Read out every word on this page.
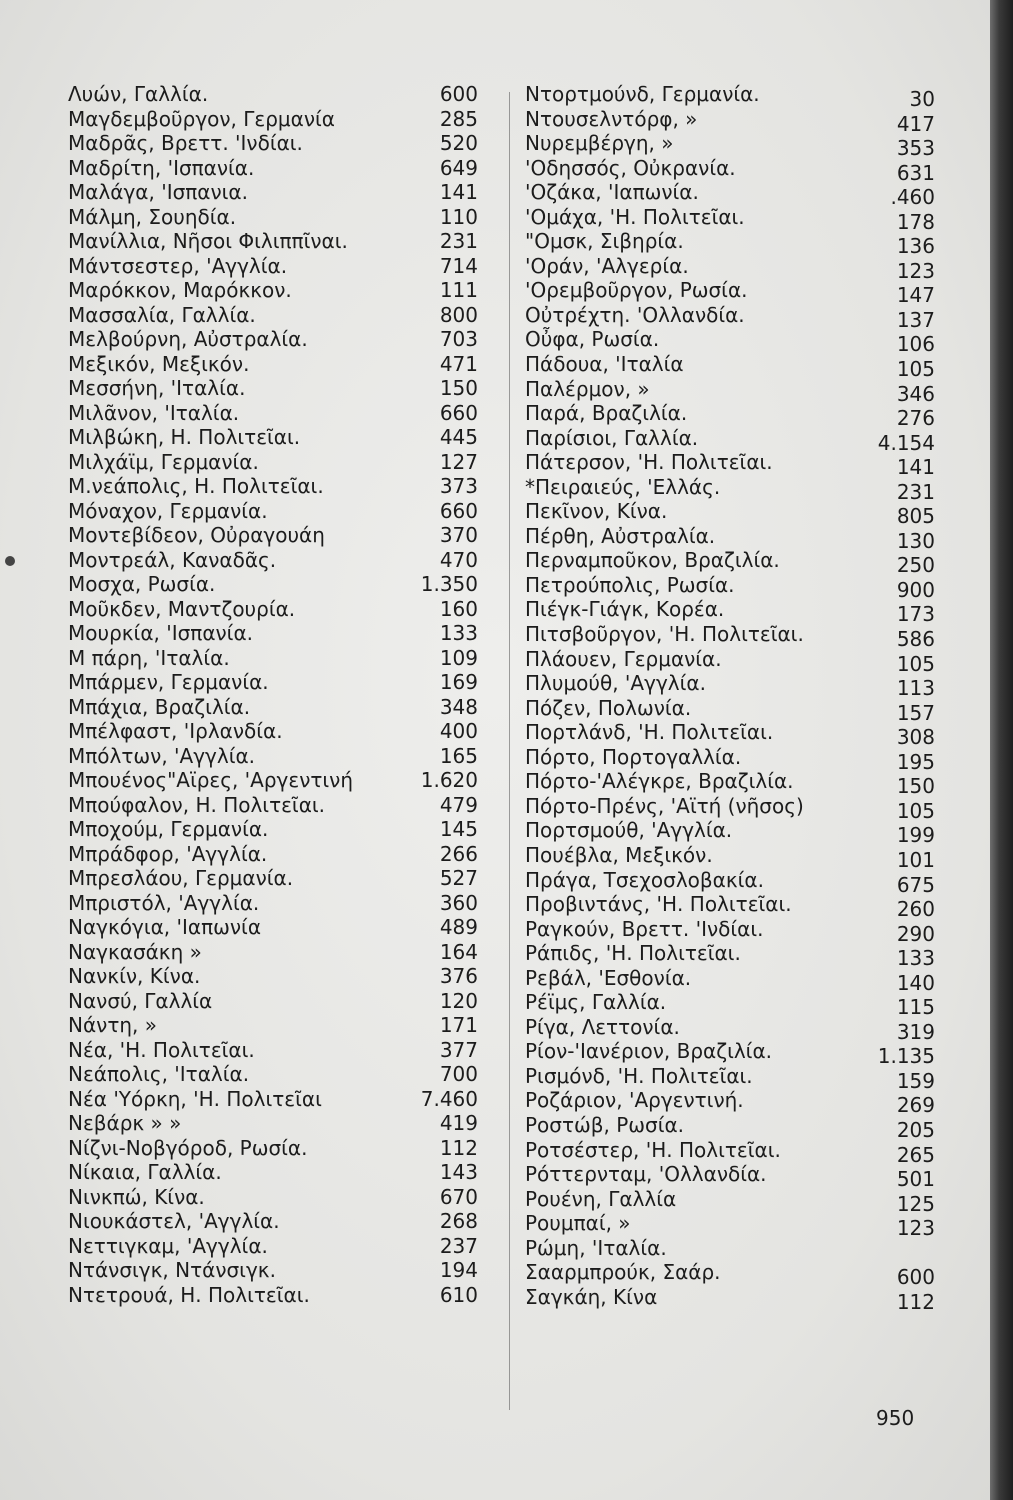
Λυών, Γαλλία.	600
Μαγδεμβοῦργον, Γερμανία	285
Μαδρᾶς, Βρεττ. 'Ινδίαι.	520
Μαδρίτη, 'Ισπανία.	649
Μαλάγα, 'Ισπανια.	141
Μάλμη, Σουηδία.	110
Μανίλλια, Νῆσοι Φιλιππῖναι.	231
Μάντσεστερ, 'Αγγλία.	714
Μαρόκκον, Μαρόκκον.	111
Μασσαλία, Γαλλία.	800
Μελβούρνη, Αὐστραλία.	703
Μεξικόν, Μεξικόν.	471
Μεσσήνη, 'Ιταλία.	150
Μιλᾶνον, 'Ιταλία.	660
Μιλβώκη, Η. Πολιτεῖαι.	445
Μιλχάϊμ, Γερμανία.	127
Μ.νεάπολις, Η. Πολιτεῖαι.	373
Μόναχον, Γερμανία.	660
Μοντεβίδεον, Οὐραγουάη	370
Μοντρεάλ, Καναδᾶς.	470
Μοσχα, Ρωσία.	1.350
Μοῦκδεν, Μαντζουρία.	160
Μουρκία, 'Ισπανία.	133
Μ πάρη, 'Ιταλία.	109
Μπάρμεν, Γερμανία.	169
Μπάχια, Βραζιλία.	348
Μπέλφαστ, 'Ιρλανδία.	400
Μπόλτων, 'Αγγλία.	165
Μπουένος"Αϊρες, 'Αργεντινή	1.620
Μπούφαλον, Η. Πολιτεῖαι.	479
Μποχούμ, Γερμανία.	145
Μπράδφορ, 'Αγγλία.	266
Μπρεσλάου, Γερμανία.	527
Μπριστόλ, 'Αγγλία.	360
Ναγκόγια, 'Ιαπωνία	489
Ναγκασάκη »	164
Νανκίν, Κίνα.	376
Νανσύ, Γαλλία	120
Νάντη, »	171
Νέα, 'Η. Πολιτεῖαι.	377
Νεάπολις, 'Ιταλία.	700
Νέα 'Υόρκη, 'Η. Πολιτεῖαι	7.460
Νεβάρκ » »	419
Νίζνι-Νοβγόροδ, Ρωσία.	112
Νίκαια, Γαλλία.	143
Νινκπώ, Κίνα.	670
Νιουκάστελ, 'Αγγλία.	268
Νεττιγκαμ, 'Αγγλία.	237
Ντάνσιγκ, Ντάνσιγκ.	194
Ντετρουά, Η. Πολιτεῖαι.	610
Ντορτμούνδ, Γερμανία.	30
Ντουσελντόρφ, »	417
Νυρεμβέργη, »	353
'Οδησσός, Οὐκρανία.	631
'Οζάκα, 'Ιαπωνία.	.460
'Ομάχα, 'Η. Πολιτεῖαι.	178
"Ομσκ, Σιβηρία.	136
'Οράν, 'Αλγερία.	123
'Ορεμβοῦργον, Ρωσία.	147
Οὐτρέχτη. 'Ολλανδία.	137
Οὖφα, Ρωσία.	106
Πάδουα, 'Ιταλία	105
Παλέρμον, »	346
Παρά, Βραζιλία.	276
Παρίσιοι, Γαλλία.	4.154
Πάτερσον, 'Η. Πολιτεῖαι.	141
*Πειραιεύς, 'Ελλάς.	231
Πεκῖνον, Κίνα.	805
Πέρθη, Αὐστραλία.	130
Περναμποῦκον, Βραζιλία.	250
Πετρούπολις, Ρωσία.	900
Πιέγκ-Γιάγκ, Κορέα.	173
Πιτσβοῦργον, 'Η. Πολιτεῖαι.	586
Πλάουεν, Γερμανία.	105
Πλυμούθ, 'Αγγλία.	113
Πόζεν, Πολωνία.	157
Πορτλάνδ, 'Η. Πολιτεῖαι.	308
Πόρτο, Πορτογαλλία.	195
Πόρτο-'Αλέγκρε, Βραζιλία.	150
Πόρτο-Πρένς, 'Αϊτή (νῆσος)	105
Πορτσμούθ, 'Αγγλία.	199
Πουέβλα, Μεξικόν.	101
Πράγα, Τσεχοσλοβακία.	675
Προβιντάνς, 'Η. Πολιτεῖαι.	260
Ραγκούν, Βρεττ. 'Ινδίαι.	290
Ράπιδς, 'Η. Πολιτεῖαι.	133
Ρεβάλ, 'Εσθονία.	140
Ρέϊμς, Γαλλία.	115
Ρίγα, Λεττονία.	319
Ρίον-'Ιανέριον, Βραζιλία.	1.135
Ρισμόνδ, 'Η. Πολιτεῖαι.	159
Ροζάριον, 'Αργεντινή.	269
Ροστώβ, Ρωσία.	205
Ροτσέστερ, 'Η. Πολιτεῖαι.	265
Ρόττερνταμ, 'Ολλανδία.	501
Ρουένη, Γαλλία	125
Ρουμπαί, »	123
Ρώμη, 'Ιταλία.
Σααρμπρούκ, Σαάρ.	600
Σαγκάη, Κίνα	112
950
